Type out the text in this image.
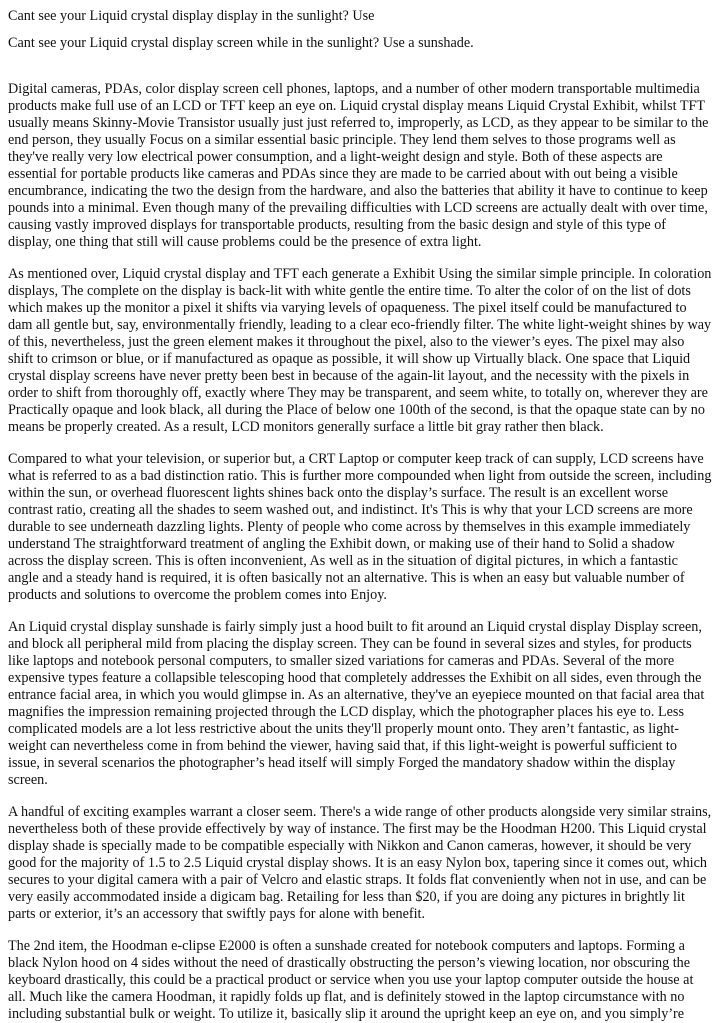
Cant see your Liquid crystal display display in the sunlight? Use
Cant see your Liquid crystal display screen while in the sunlight? Use a sunshade.

Digital cameras, PDAs, color display screen cell phones, laptops, and a number of other modern transportable multimedia products make full use of an LCD or TFT keep an eye on. Liquid crystal display means Liquid Crystal Exhibit, whilst TFT usually means Skinny-Movie Transistor usually just just referred to, improperly, as LCD, as they appear to be similar to the end person, they usually Focus on a similar essential basic principle. They lend them selves to those programs well as they've really very low electrical power consumption, and a light-weight design and style. Both of these aspects are essential for portable products like cameras and PDAs since they are made to be carried about with out being a visible encumbrance, indicating the two the design from the hardware, and also the batteries that ability it have to continue to keep pounds into a minimal. Even though many of the prevailing difficulties with LCD screens are actually dealt with over time, causing vastly improved displays for transportable products, resulting from the basic design and style of this type of display, one thing that still will cause problems could be the presence of extra light.

As mentioned over, Liquid crystal display and TFT each generate a Exhibit Using the similar simple principle. In coloration displays, The complete on the display is back-lit with white gentle the entire time. To alter the color of on the list of dots which makes up the monitor a pixel it shifts via varying levels of opaqueness. The pixel itself could be manufactured to dam all gentle but, say, environmentally friendly, leading to a clear eco-friendly filter. The white light-weight shines by way of this, nevertheless, just the green element makes it throughout the pixel, also to the viewer’s eyes. The pixel may also shift to crimson or blue, or if manufactured as opaque as possible, it will show up Virtually black. One space that Liquid crystal display screens have never pretty been best in because of the again-lit layout, and the necessity with the pixels in order to shift from thoroughly off, exactly where They may be transparent, and seem white, to totally on, wherever they are Practically opaque and look black, all during the Place of below one 100th of the second, is that the opaque state can by no means be properly created. As a result, LCD monitors generally surface a little bit gray rather then black.

Compared to what your television, or superior but, a CRT Laptop or computer keep track of can supply, LCD screens have what is referred to as a bad distinction ratio. This is further more compounded when light from outside the screen, including within the sun, or overhead fluorescent lights shines back onto the display’s surface. The result is an excellent worse contrast ratio, creating all the shades to seem washed out, and indistinct. It's This is why that your LCD screens are more durable to see underneath dazzling lights. Plenty of people who come across by themselves in this example immediately understand The straightforward treatment of angling the Exhibit down, or making use of their hand to Solid a shadow across the display screen. This is often inconvenient, As well as in the situation of digital pictures, in which a fantastic angle and a steady hand is required, it is often basically not an alternative. This is when an easy but valuable number of products and solutions to overcome the problem comes into Enjoy.

An Liquid crystal display sunshade is fairly simply just a hood built to fit around an Liquid crystal display Display screen, and block all peripheral mild from placing the display screen. They can be found in several sizes and styles, for products like laptops and notebook personal computers, to smaller sized variations for cameras and PDAs. Several of the more expensive types feature a collapsible telescoping hood that completely addresses the Exhibit on all sides, even through the entrance facial area, in which you would glimpse in. As an alternative, they've an eyepiece mounted on that facial area that magnifies the impression remaining projected through the LCD display, which the photographer places his eye to. Less complicated models are a lot less restrictive about the units they'll properly mount onto. They aren’t fantastic, as light-weight can nevertheless come in from behind the viewer, having said that, if this light-weight is powerful sufficient to issue, in several scenarios the photographer’s head itself will simply Forged the mandatory shadow within the display screen.

A handful of exciting examples warrant a closer seem. There's a wide range of other products alongside very similar strains, nevertheless both of these provide effectively by way of instance. The first may be the Hoodman H200. This Liquid crystal display shade is specially made to be compatible especially with Nikkon and Canon cameras, however, it should be very good for the majority of 1.5 to 2.5 Liquid crystal display shows. It is an easy Nylon box, tapering since it comes out, which secures to your digital camera with a pair of Velcro and elastic straps. It folds flat conveniently when not in use, and can be very easily accommodated inside a digicam bag. Retailing for less than $20, if you are doing any pictures in brightly lit parts or exterior, it’s an accessory that swiftly pays for alone with benefit.

The 2nd item, the Hoodman e-clipse E2000 is often a sunshade created for notebook computers and laptops. Forming a black Nylon hood on 4 sides without the need of drastically obstructing the person’s viewing location, nor obscuring the keyboard drastically, this could be a practical product or service when you use your laptop computer outside the house at all. Much like the camera Hoodman, it rapidly folds up flat, and is definitely stowed in the laptop circumstance with no including substantial bulk or weight. To utilize it, basically slip it around the upright keep an eye on, and you simply’re
